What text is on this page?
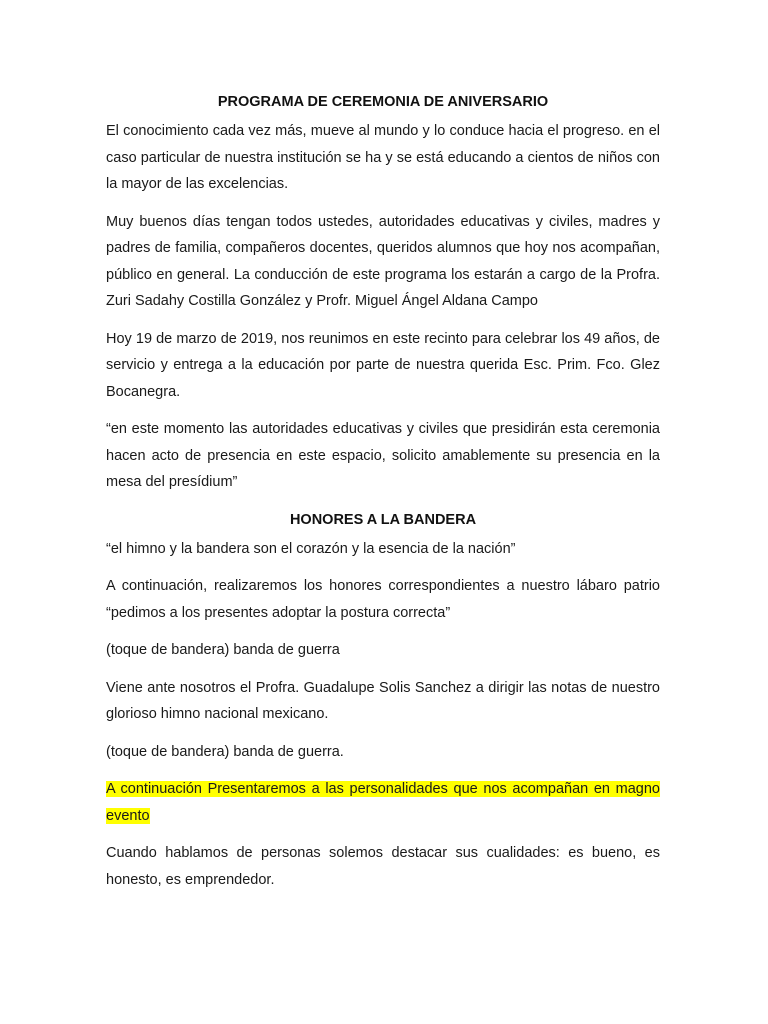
PROGRAMA DE CEREMONIA DE ANIVERSARIO

El conocimiento cada vez más, mueve al mundo y lo conduce hacia el progreso. en el caso particular de nuestra institución se ha y se está educando a cientos de niños con la mayor de las excelencias.

Muy buenos días tengan todos ustedes, autoridades educativas y civiles, madres y padres de familia, compañeros docentes, queridos alumnos que hoy nos acompañan, público en general. La conducción de este programa los estarán a cargo de la Profra. Zuri Sadahy Costilla González y Profr. Miguel Ángel Aldana Campo

Hoy 19 de marzo de 2019, nos reunimos en este recinto para celebrar los 49 años, de servicio y entrega a la educación por parte de nuestra querida Esc. Prim. Fco. Glez Bocanegra.

“en este momento las autoridades educativas y civiles que presidirán esta ceremonia hacen acto de presencia en este espacio, solicito amablemente su presencia en la mesa del presídium”

HONORES A LA BANDERA

“el himno y la bandera son el corazón y la esencia de la nación”

A continuación, realizaremos los honores correspondientes a nuestro lábaro patrio “pedimos a los presentes adoptar la postura correcta”

(toque de bandera) banda de guerra

Viene ante nosotros el Profra. Guadalupe Solis Sanchez a dirigir las notas de nuestro glorioso himno nacional mexicano.

(toque de bandera) banda de guerra.

A continuación Presentaremos a las personalidades que nos acompañan en magno evento

Cuando hablamos de personas solemos destacar sus cualidades: es bueno, es honesto, es emprendedor.
